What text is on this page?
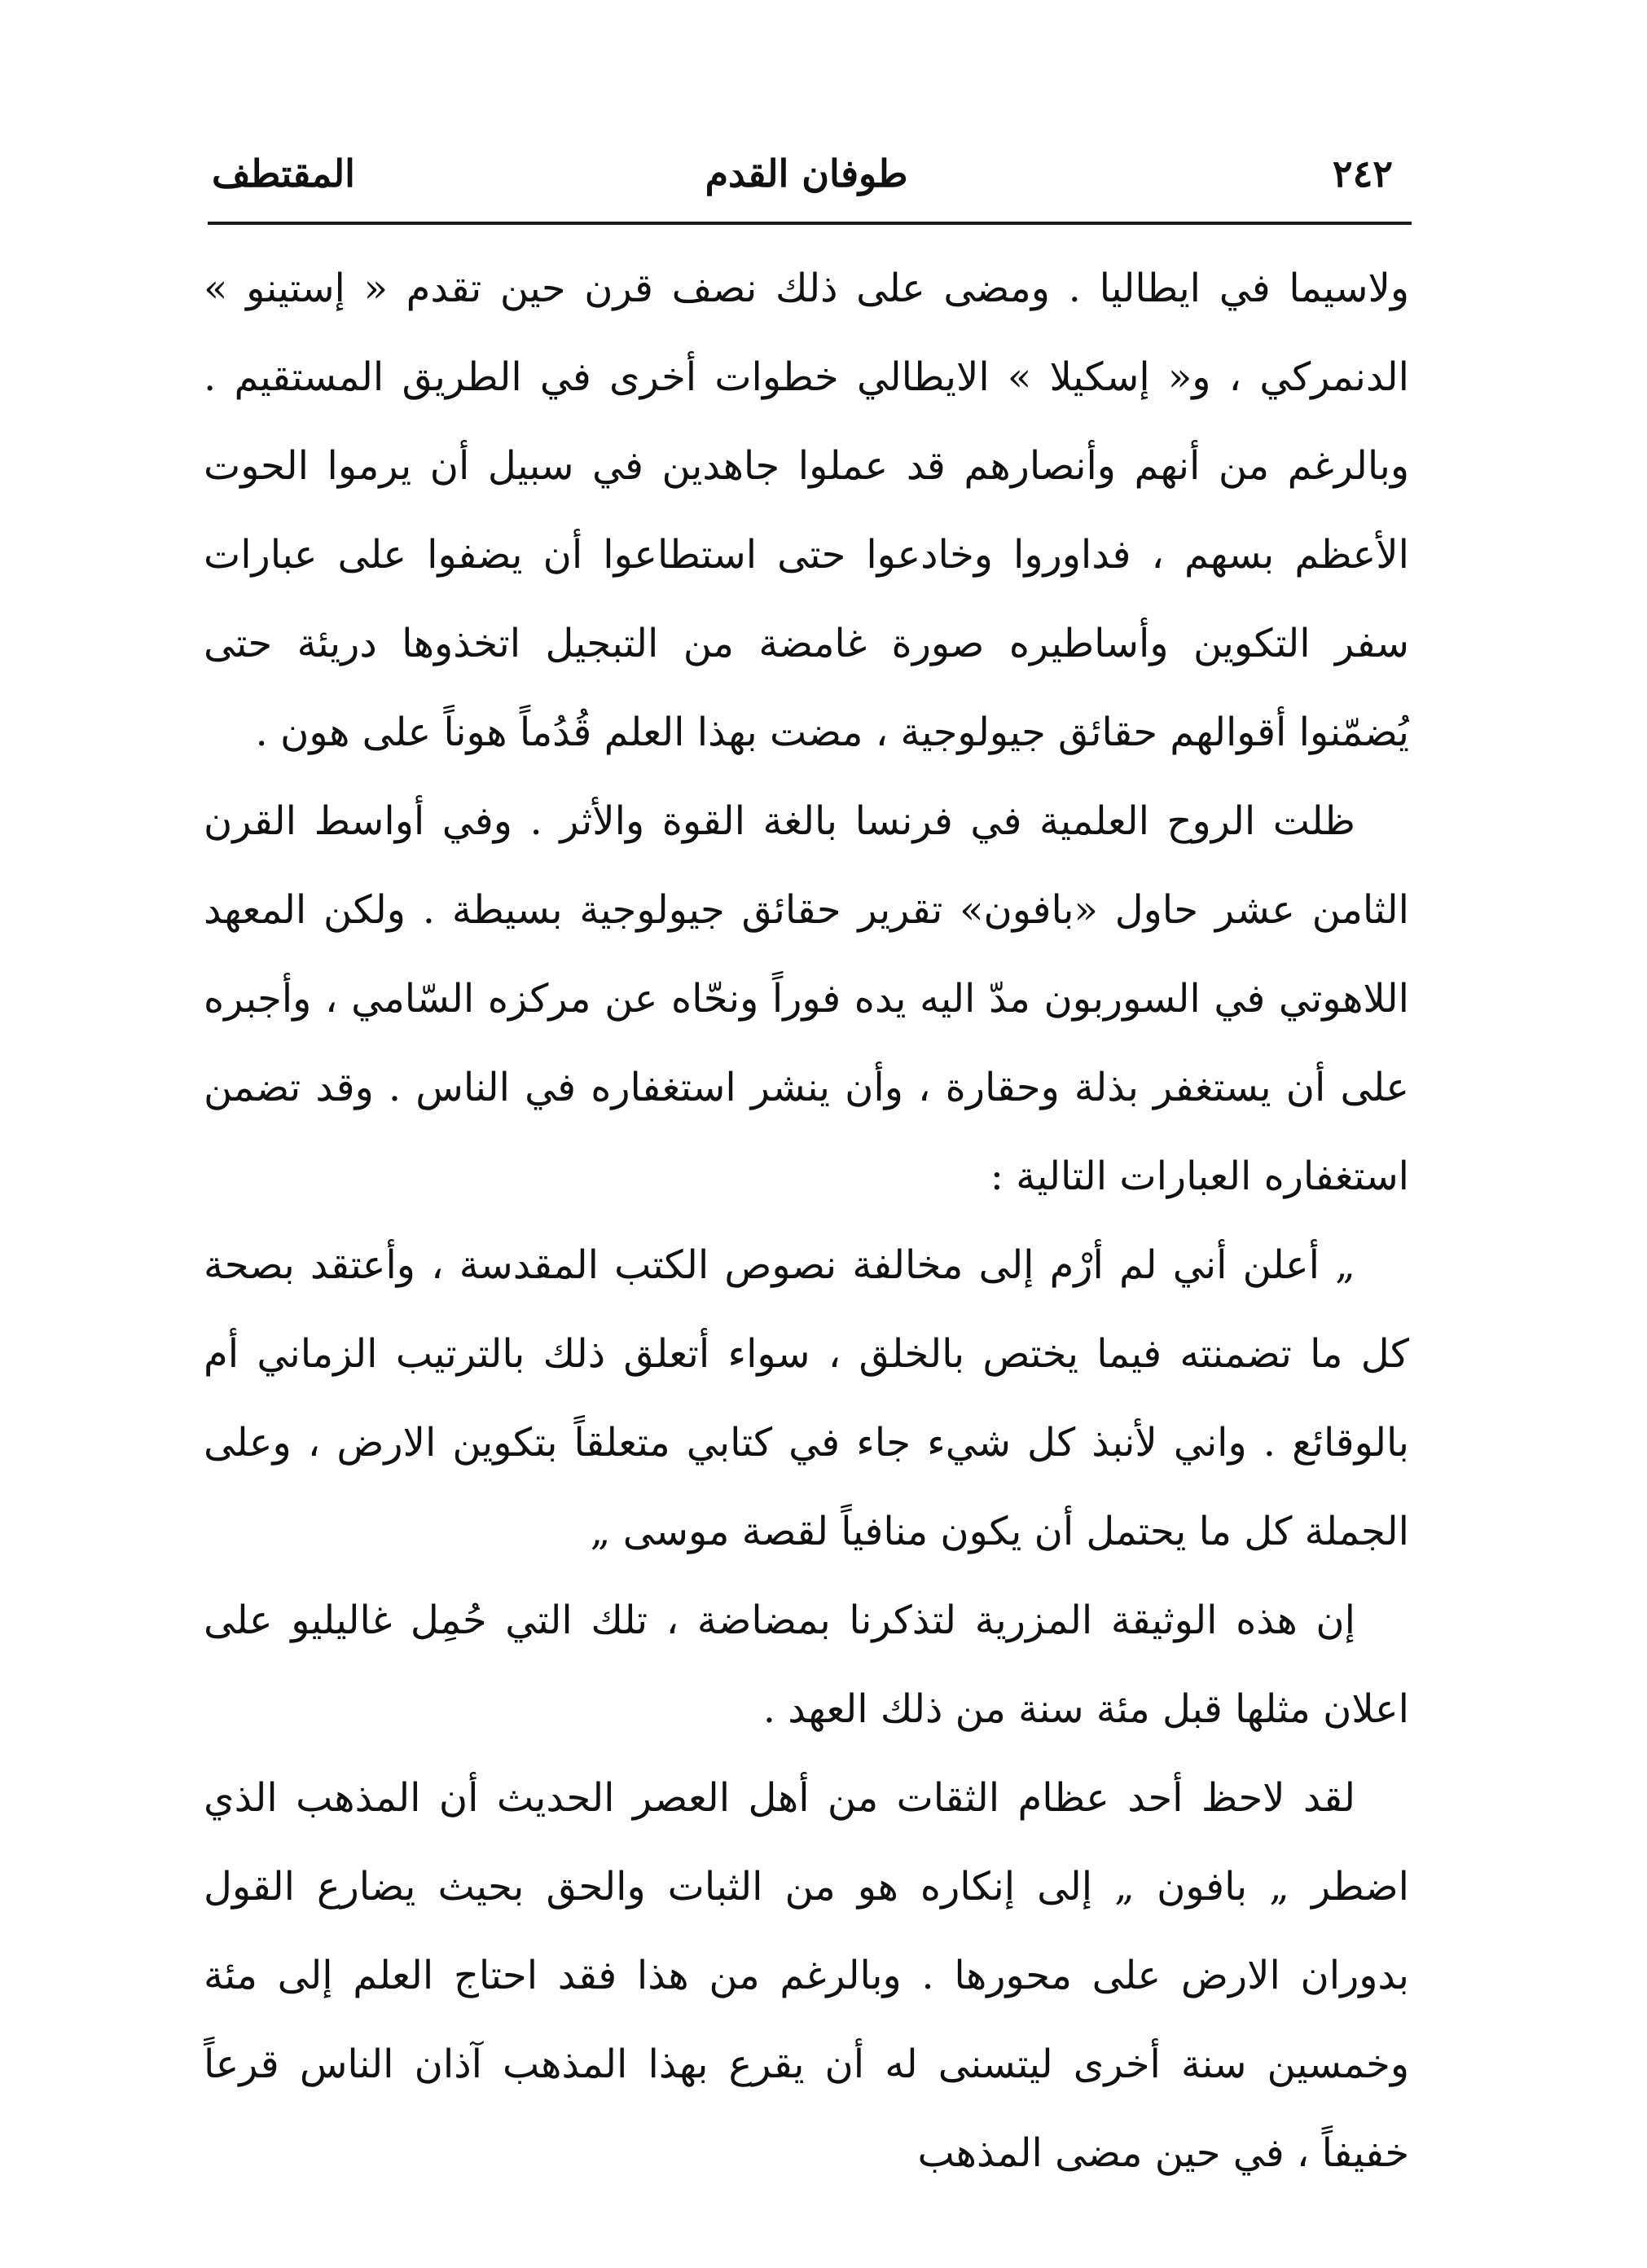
٢٤٢
طوفان القدم
المقتطف

ولاسيما في ايطاليا . ومضى على ذلك نصف قرن حين تقدم « إستينو » الدنمركي ، و« إسكيلا » الايطالي خطوات أخرى في الطريق المستقيم . وبالرغم من أنهم وأنصارهم قد عملوا جاهدين في سبيل أن يرموا الحوت الأعظم بسهم ، فداوروا وخادعوا حتى استطاعوا أن يضفوا على عبارات سفر التكوين وأساطيره صورة غامضة من التبجيل اتخذوها دريئة حتى يُضمّنوا أقوالهم حقائق جيولوجية ، مضت بهذا العلم قُدُماً هوناً على هون .

ظلت الروح العلمية في فرنسا بالغة القوة والأثر . وفي أواسط القرن الثامن عشر حاول «بافون» تقرير حقائق جيولوجية بسيطة . ولكن المعهد اللاهوتي في السوربون مدّ اليه يده فوراً ونحّاه عن مركزه السّامي ، وأجبره على أن يستغفر بذلة وحقارة ، وأن ينشر استغفاره في الناس . وقد تضمن استغفاره العبارات التالية :

„ أعلن أني لم أرْم إلى مخالفة نصوص الكتب المقدسة ، وأعتقد بصحة كل ما تضمنته فيما يختص بالخلق ، سواء أتعلق ذلك بالترتيب الزماني أم بالوقائع . واني لأنبذ كل شيء جاء في كتابي متعلقاً بتكوين الارض ، وعلى الجملة كل ما يحتمل أن يكون منافياً لقصة موسى „

إن هذه الوثيقة المزرية لتذكرنا بمضاضة ، تلك التي حُمِل غاليليو على اعلان مثلها قبل مئة سنة من ذلك العهد .

لقد لاحظ أحد عظام الثقات من أهل العصر الحديث أن المذهب الذي اضطر „ بافون „ إلى إنكاره هو من الثبات والحق بحيث يضارع القول بدوران الارض على محورها . وبالرغم من هذا فقد احتاج العلم إلى مئة وخمسين سنة أخرى ليتسنى له أن يقرع بهذا المذهب آذان الناس قرعاً خفيفاً ، في حين مضى المذهب
